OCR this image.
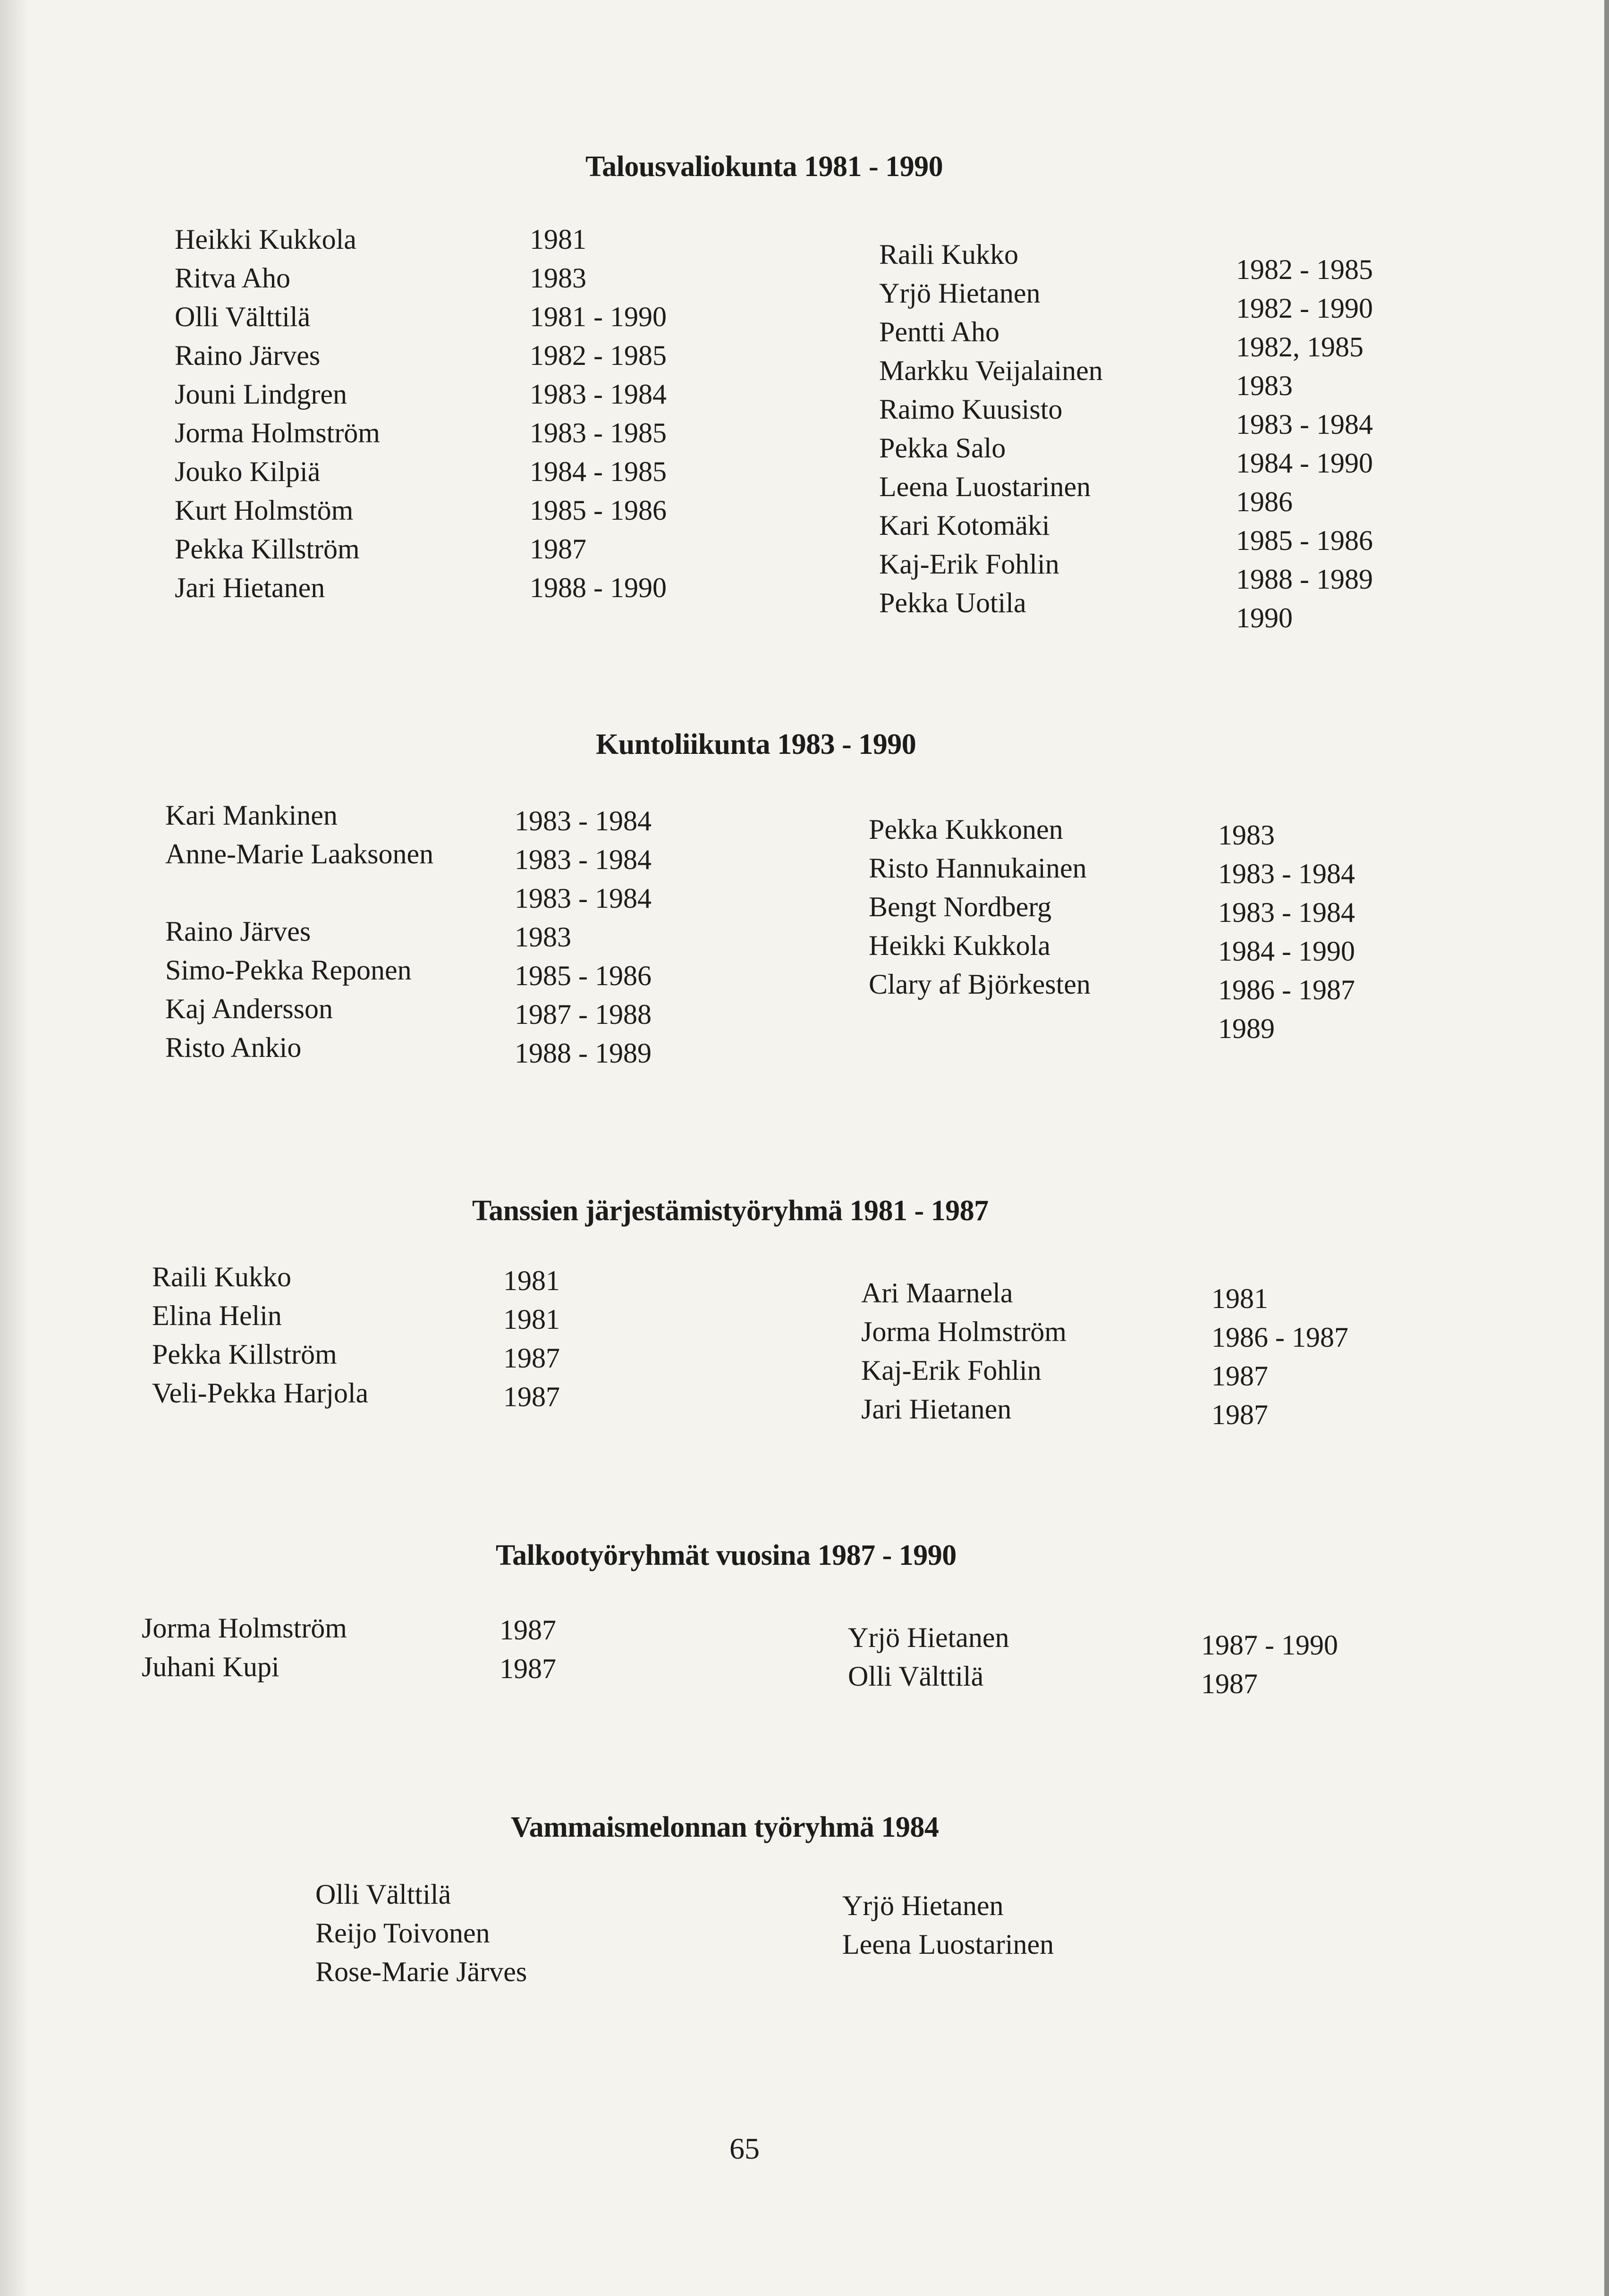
Talousvaliokunta 1981 - 1990
Heikki Kukkola
Ritva Aho
Olli Välttilä
Raino Järves
Jouni Lindgren
Jorma Holmström
Jouko Kilpiä
Kurt Holmstöm
Pekka Killström
Jari Hietanen
1981
1983
1981 - 1990
1982 - 1985
1983 - 1984
1983 - 1985
1984 - 1985
1985 - 1986
1987
1988 - 1990
Raili Kukko
Yrjö Hietanen
Pentti Aho
Markku Veijalainen
Raimo Kuusisto
Pekka Salo
Leena Luostarinen
Kari Kotomäki
Kaj-Erik Fohlin
Pekka Uotila
1982 - 1985
1982 - 1990
1982, 1985
1983
1983 - 1984
1984 - 1990
1986
1985 - 1986
1988 - 1989
1990
Kuntoliikunta 1983 - 1990
Kari Mankinen
Anne-Marie Laaksonen
Raino Järves
Simo-Pekka Reponen
Kaj Andersson
Risto Ankio
1983 - 1984
1983 - 1984
1983 - 1984
1983
1985 - 1986
1987 - 1988
1988 - 1989
Pekka Kukkonen
Risto Hannukainen
Bengt Nordberg
Heikki Kukkola
Clary af Björkesten
1983
1983 - 1984
1983 - 1984
1984 - 1990
1986 - 1987
1989
Tanssien järjestämistyöryhmä 1981 - 1987
Raili Kukko
Elina Helin
Pekka Killström
Veli-Pekka Harjola
1981
1981
1987
1987
Ari Maarnela
Jorma Holmström
Kaj-Erik Fohlin
Jari Hietanen
1981
1986 - 1987
1987
1987
Talkootyöryhmät vuosina 1987 - 1990
Jorma Holmström
Juhani Kupi
1987
1987
Yrjö Hietanen
Olli Välttilä
1987 - 1990
1987
Vammaismelonnan työryhmä 1984
Olli Välttilä
Reijo Toivonen
Rose-Marie Järves
Yrjö Hietanen
Leena Luostarinen
65
